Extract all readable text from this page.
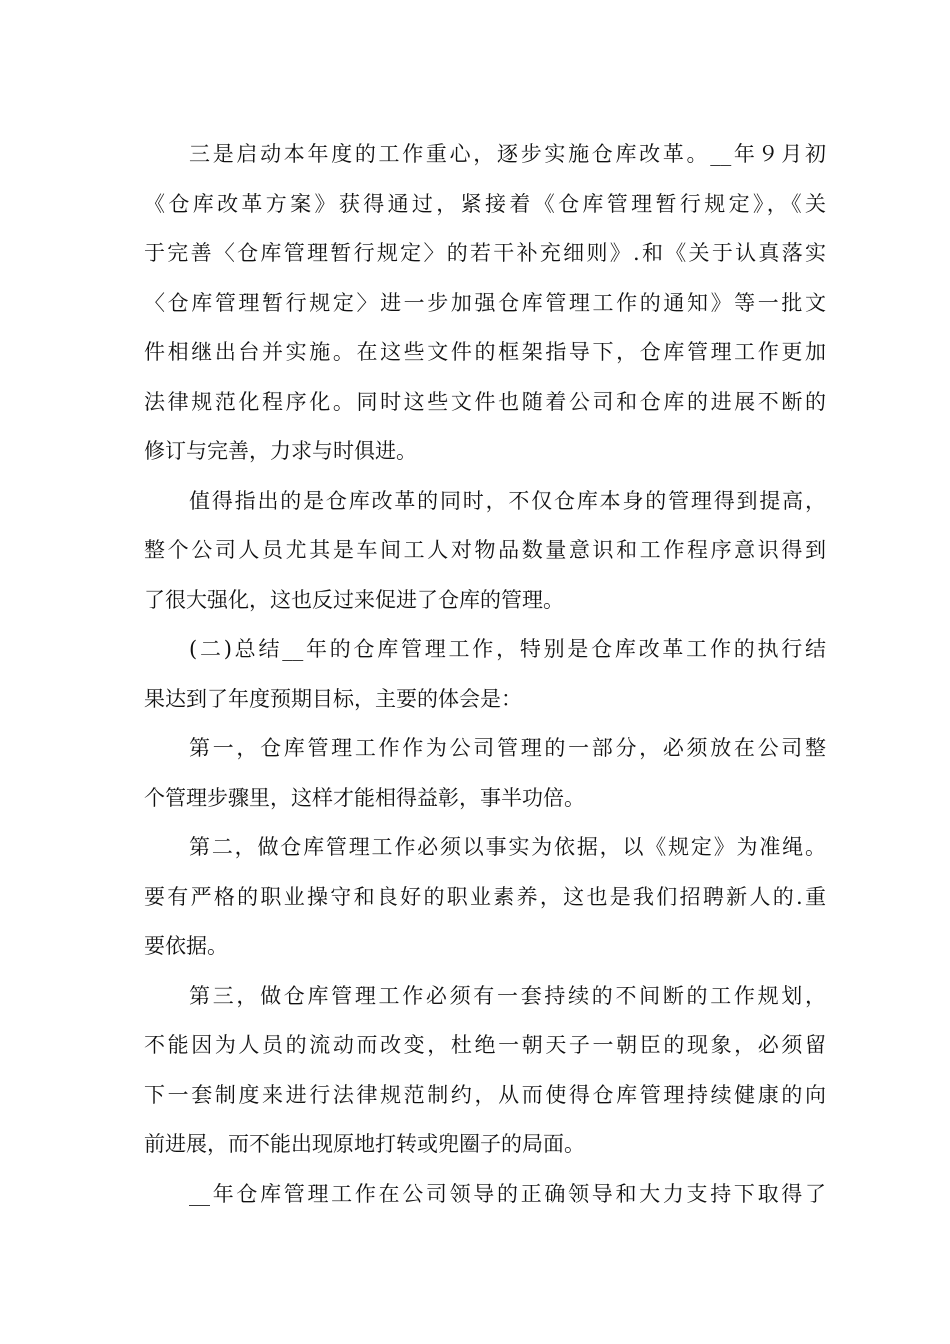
三是启动本年度的工作重心，逐步实施仓库改革。__年９月初
《仓库改革方案》获得通过，紧接着《仓库管理暂行规定》，《关
于完善〈仓库管理暂行规定〉的若干补充细则》.和《关于认真落实
〈仓库管理暂行规定〉进一步加强仓库管理工作的通知》等一批文
件相继出台并实施。在这些文件的框架指导下，仓库管理工作更加
法律规范化程序化。同时这些文件也随着公司和仓库的进展不断的
修订与完善，力求与时俱进。
值得指出的是仓库改革的同时，不仅仓库本身的管理得到提高，
整个公司人员尤其是车间工人对物品数量意识和工作程序意识得到
了很大强化，这也反过来促进了仓库的管理。
(二)总结__年的仓库管理工作，特别是仓库改革工作的执行结
果达到了年度预期目标，主要的体会是：
第一，仓库管理工作作为公司管理的一部分，必须放在公司整
个管理步骤里，这样才能相得益彰，事半功倍。
第二，做仓库管理工作必须以事实为依据，以《规定》为准绳。
要有严格的职业操守和良好的职业素养，这也是我们招聘新人的.重
要依据。
第三，做仓库管理工作必须有一套持续的不间断的工作规划，
不能因为人员的流动而改变，杜绝一朝天子一朝臣的现象，必须留
下一套制度来进行法律规范制约，从而使得仓库管理持续健康的向
前进展，而不能出现原地打转或兜圈子的局面。
__年仓库管理工作在公司领导的正确领导和大力支持下取得了
